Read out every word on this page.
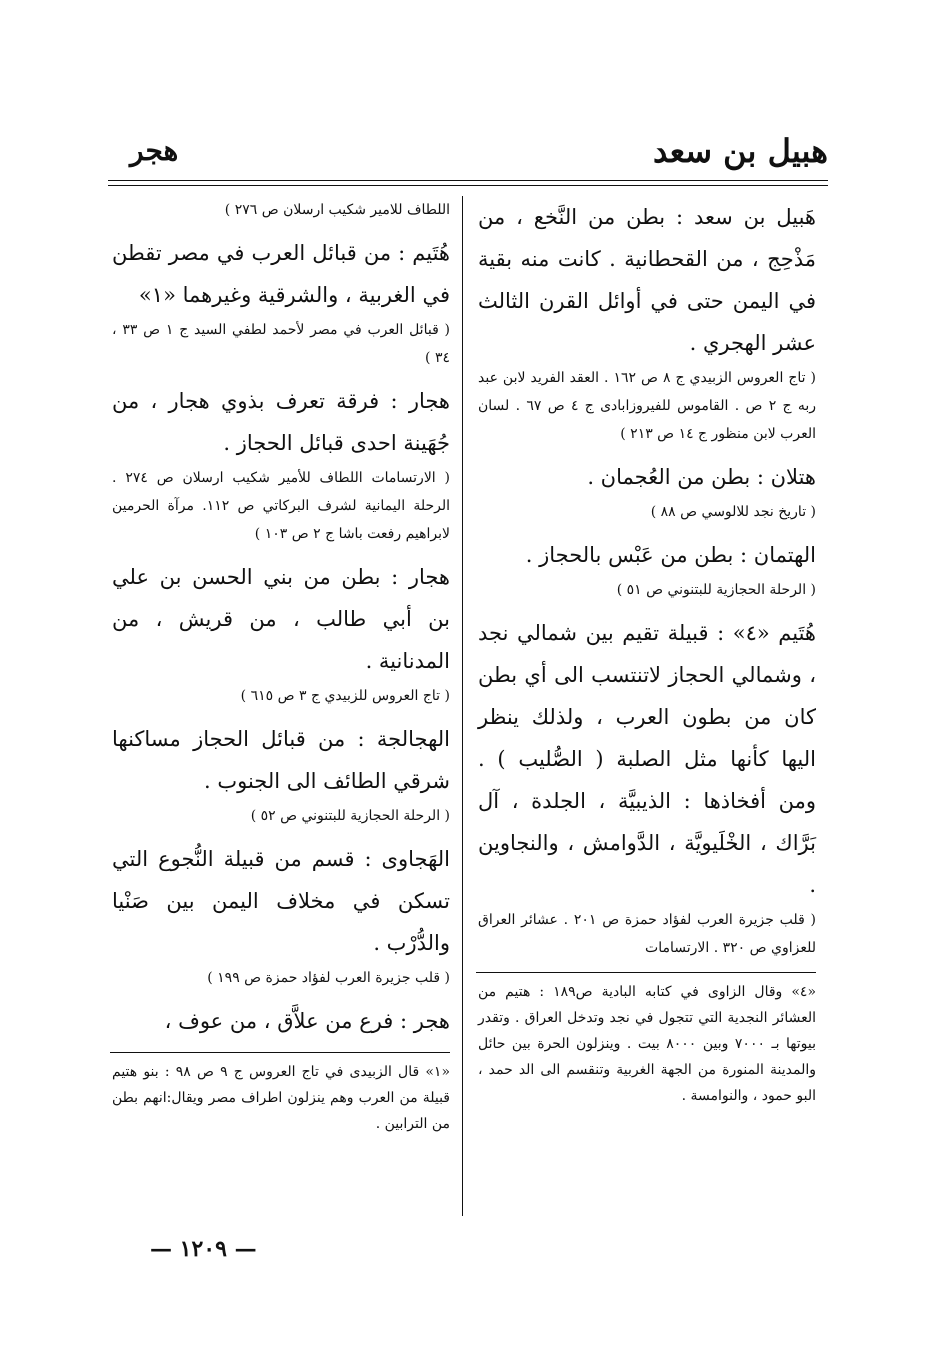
هبيل بن سعد
هجر

هَبيل بن سعد : بطن من النَّخع ، من مَذْحِج ، من القحطانية . كانت منه بقية في اليمن حتى في أوائل القرن الثالث عشر الهجري .

( تاج العروس الزبيدي ج ٨ ص ١٦٢ . العقد الفريد لابن عبد ربه ج ٢ ص . القاموس للفيروزابادى ج ٤ ص ٦٧ . لسان العرب لابن منظور ج ١٤ ص ٢١٣ )

هتلان : بطن من العُجمان .

( تاريخ نجد للالوسي ص ٨٨ )

الهتمان : بطن من عَبْس بالحجاز .

( الرحلة الحجازية للبتنوني ص ٥١ )

هُتَيم «٤» : قبيلة تقيم بين شمالي نجد ، وشمالي الحجاز لاتنتسب الى أي بطن كان من بطون العرب ، ولذلك ينظر اليها كأنها مثل الصلبة ( الصُّليب ) . ومن أفخاذها : الذيبيَّة ، الجلدة ، آل بَرَّاك ، الخْلَيويَّة ، الدَّوامش ، والنجاوين .

( قلب جزيرة العرب لفؤاد حمزة ص ٢٠١ . عشائر العراق للعزاوي ص ٣٢٠ . الارتسامات

«٤» وقال الزاوى في كتابه البادية ص١٨٩ : هتيم من العشائر النجدية التي تتجول في نجد وتدخل العراق . وتقدر بيوتها بـ ٧٠٠٠ وبين ٨٠٠٠ بيت . وينزلون الحرة بين حائل والمدينة المنورة من الجهة الغربية وتنقسم الى الد حمد ، البو حمود ، والنوامسة .

اللطاف للامير شكيب ارسلان ص ٢٧٦ )

هُتَيم : من قبائل العرب في مصر تقطن في الغربية ، والشرقية وغيرهما «١»

( قبائل العرب في مصر لأحمد لطفي السيد ج ١ ص ٣٣ ، ٣٤ )

هجار : فرقة تعرف بذوي هجار ، من جُهَينة احدى قبائل الحجاز .

( الارتسامات اللطاف للأمير شكيب ارسلان ص ٢٧٤ . الرحلة اليمانية لشرف البركاتي ص ١١٢. مرآة الحرمين لابراهيم رفعت باشا ج ٢ ص ١٠٣ )

هجار : بطن من بني الحسن بن علي بن أبي طالب ، من قريش ، من المدنانية .

( تاج العروس للزبيدي ج ٣ ص ٦١٥ )

الهجالجة : من قبائل الحجاز مساكنها شرقي الطائف الى الجنوب .

( الرحلة الحجازية للبتنوني ص ٥٢ )

الهَجاوى : قسم من قبيلة النُّجوع التي تسكن في مخلاف اليمن بين صَنْيا والدُّرْب .

( قلب جزيرة العرب لفؤاد حمزة ص ١٩٩ )

هجر : فرع من علاَّق ، من عوف ،

«١» قال الزبيدى في تاج العروس ج ٩ ص ٩٨ : بنو هتيم قبيلة من العرب وهم ينزلون اطراف مصر ويقال:انهم بطن من الترابين .

— ١٢٠٩ —
